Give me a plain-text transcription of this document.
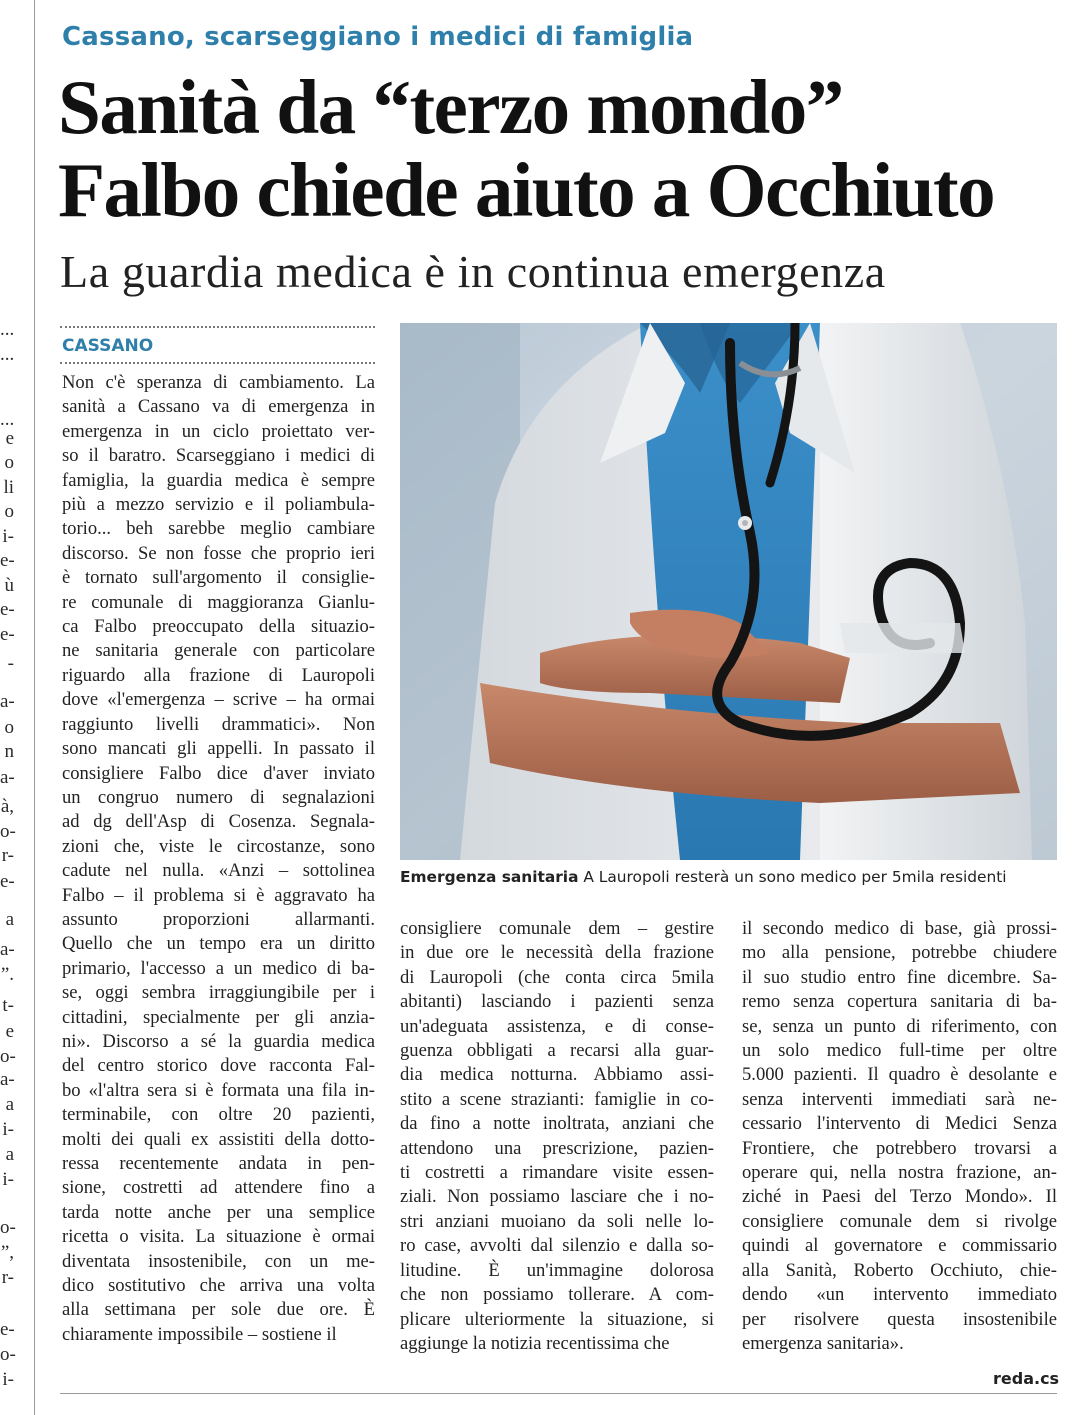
...
...
...
e
o
li
o
i-
e-
ù
e-
e-
-
a-
o
n
a-
à,
o-
r-
e-
a
a-
”.
t-
e
o-
a-
a
i-
a
i-
o-
”,
r-
e-
o-
i-
Cassano, scarseggiano i medici di famiglia
Sanità da “terzo mondo”
Falbo chiede aiuto a Occhiuto
La guardia medica è in continua emergenza
CASSANO
Non c'è speranza di cambiamento. La
sanità a Cassano va di emergenza in
emergenza in un ciclo proiettato ver-
so il baratro. Scarseggiano i medici di
famiglia, la guardia medica è sempre
più a mezzo servizio e il poliambula-
torio... beh sarebbe meglio cambiare
discorso. Se non fosse che proprio ieri
è tornato sull'argomento il consiglie-
re comunale di maggioranza Gianlu-
ca Falbo preoccupato della situazio-
ne sanitaria generale con particolare
riguardo alla frazione di Lauropoli
dove «l'emergenza – scrive – ha ormai
raggiunto livelli drammatici». Non
sono mancati gli appelli. In passato il
consigliere Falbo dice d'aver inviato
un congruo numero di segnalazioni
ad dg dell'Asp di Cosenza. Segnala-
zioni che, viste le circostanze, sono
cadute nel nulla. «Anzi – sottolinea
Falbo – il problema si è aggravato ha
assunto proporzioni allarmanti.
Quello che un tempo era un diritto
primario, l'accesso a un medico di ba-
se, oggi sembra irraggiungibile per i
cittadini, specialmente per gli anzia-
ni». Discorso a sé la guardia medica
del centro storico dove racconta Fal-
bo «l'altra sera si è formata una fila in-
terminabile, con oltre 20 pazienti,
molti dei quali ex assistiti della dotto-
ressa recentemente andata in pen-
sione, costretti ad attendere fino a
tarda notte anche per una semplice
ricetta o visita. La situazione è ormai
diventata insostenibile, con un me-
dico sostitutivo che arriva una volta
alla settimana per sole due ore. È
chiaramente impossibile – sostiene il
consigliere comunale dem – gestire
in due ore le necessità della frazione
di Lauropoli (che conta circa 5mila
abitanti) lasciando i pazienti senza
un'adeguata assistenza, e di conse-
guenza obbligati a recarsi alla guar-
dia medica notturna. Abbiamo assi-
stito a scene strazianti: famiglie in co-
da fino a notte inoltrata, anziani che
attendono una prescrizione, pazien-
ti costretti a rimandare visite essen-
ziali. Non possiamo lasciare che i no-
stri anziani muoiano da soli nelle lo-
ro case, avvolti dal silenzio e dalla so-
litudine. È un'immagine dolorosa
che non possiamo tollerare. A com-
plicare ulteriormente la situazione, si
aggiunge la notizia recentissima che
il secondo medico di base, già prossi-
mo alla pensione, potrebbe chiudere
il suo studio entro fine dicembre. Sa-
remo senza copertura sanitaria di ba-
se, senza un punto di riferimento, con
un solo medico full-time per oltre
5.000 pazienti. Il quadro è desolante e
senza interventi immediati sarà ne-
cessario l'intervento di Medici Senza
Frontiere, che potrebbero trovarsi a
operare qui, nella nostra frazione, an-
ziché in Paesi del Terzo Mondo». Il
consigliere comunale dem si rivolge
quindi al governatore e commissario
alla Sanità, Roberto Occhiuto, chie-
dendo «un intervento immediato
per risolvere questa insostenibile
emergenza sanitaria».
Emergenza sanitaria A Lauropoli resterà un sono medico per 5mila residenti
reda.cs
